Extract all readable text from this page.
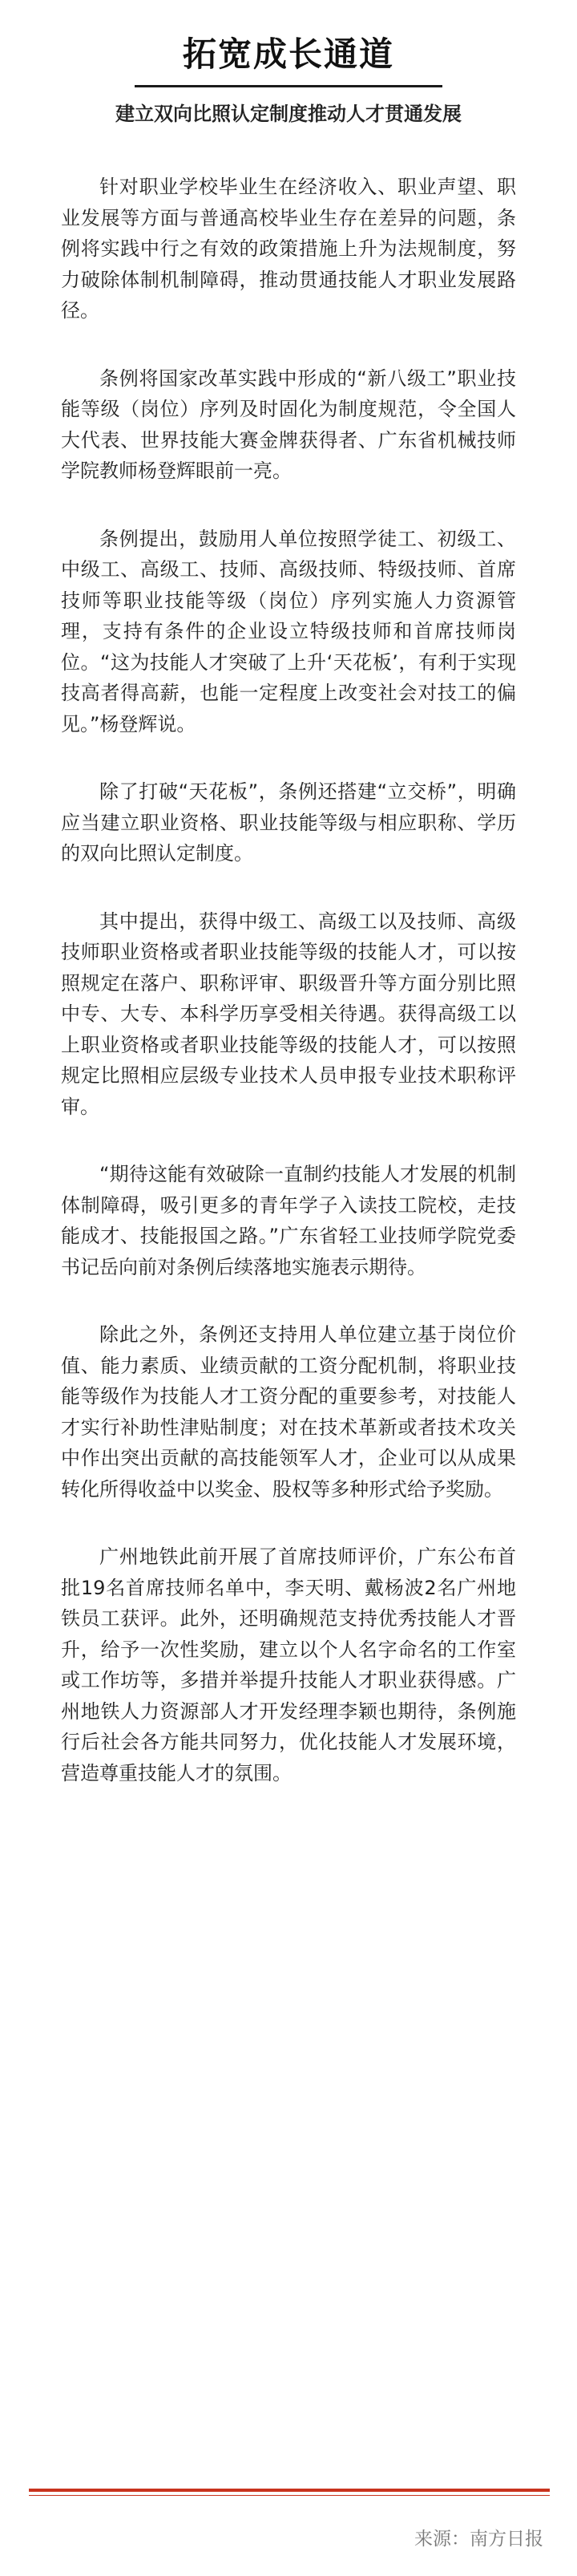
拓宽成长通道
建立双向比照认定制度推动人才贯通发展

针对职业学校毕业生在经济收入、职业声望、职业发展等方面与普通高校毕业生存在差异的问题，条例将实践中行之有效的政策措施上升为法规制度，努力破除体制机制障碍，推动贯通技能人才职业发展路径。

条例将国家改革实践中形成的“新八级工”职业技能等级（岗位）序列及时固化为制度规范，令全国人大代表、世界技能大赛金牌获得者、广东省机械技师学院教师杨登辉眼前一亮。

条例提出，鼓励用人单位按照学徒工、初级工、中级工、高级工、技师、高级技师、特级技师、首席技师等职业技能等级（岗位）序列实施人力资源管理，支持有条件的企业设立特级技师和首席技师岗位。“这为技能人才突破了上升‘天花板’，有利于实现技高者得高薪，也能一定程度上改变社会对技工的偏见。”杨登辉说。

除了打破“天花板”，条例还搭建“立交桥”，明确应当建立职业资格、职业技能等级与相应职称、学历的双向比照认定制度。

其中提出，获得中级工、高级工以及技师、高级技师职业资格或者职业技能等级的技能人才，可以按照规定在落户、职称评审、职级晋升等方面分别比照中专、大专、本科学历享受相关待遇。获得高级工以上职业资格或者职业技能等级的技能人才，可以按照规定比照相应层级专业技术人员申报专业技术职称评审。

“期待这能有效破除一直制约技能人才发展的机制体制障碍，吸引更多的青年学子入读技工院校，走技能成才、技能报国之路。”广东省轻工业技师学院党委书记岳向前对条例后续落地实施表示期待。

除此之外，条例还支持用人单位建立基于岗位价值、能力素质、业绩贡献的工资分配机制，将职业技能等级作为技能人才工资分配的重要参考，对技能人才实行补助性津贴制度；对在技术革新或者技术攻关中作出突出贡献的高技能领军人才，企业可以从成果转化所得收益中以奖金、股权等多种形式给予奖励。

广州地铁此前开展了首席技师评价，广东公布首批19名首席技师名单中，李天明、戴杨波2名广州地铁员工获评。此外，还明确规范支持优秀技能人才晋升，给予一次性奖励，建立以个人名字命名的工作室或工作坊等，多措并举提升技能人才职业获得感。广州地铁人力资源部人才开发经理李颖也期待，条例施行后社会各方能共同努力，优化技能人才发展环境，营造尊重技能人才的氛围。

来源：南方日报
